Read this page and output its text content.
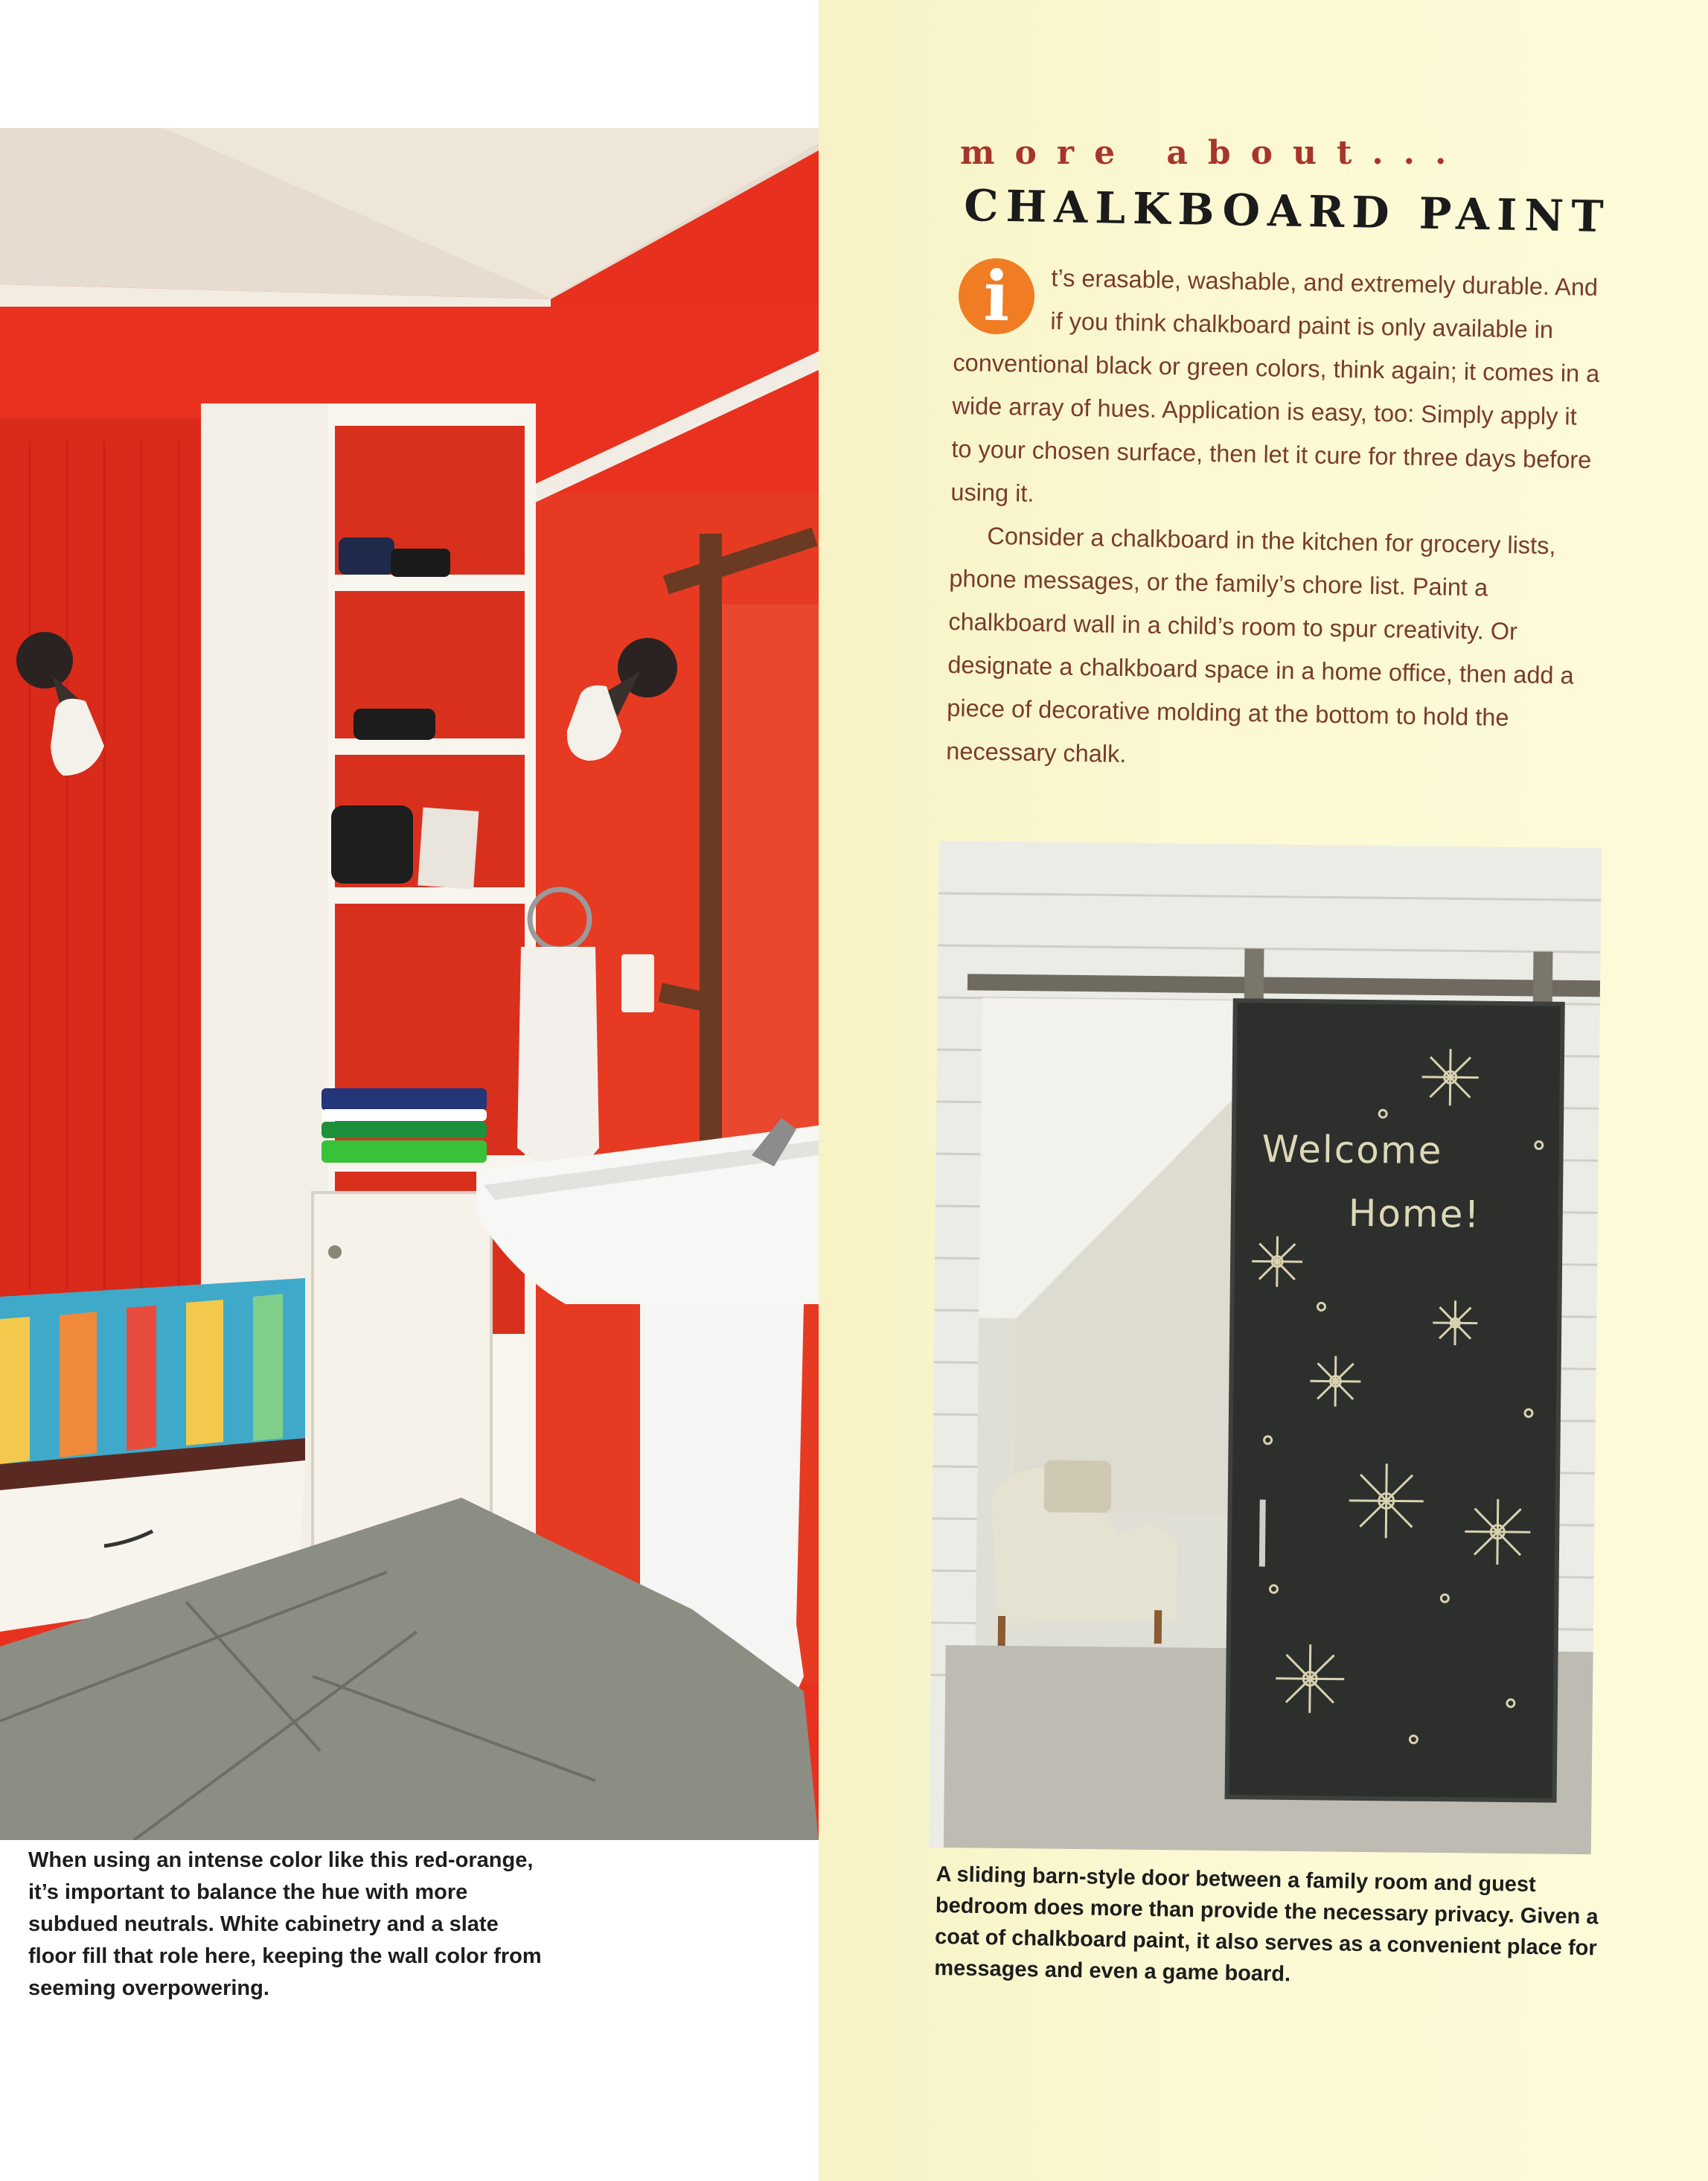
When using an intense color like this red-orange, it’s important to balance the hue with more subdued neutrals. White cabinetry and a slate floor fill that role here, keeping the wall color from seeming overpowering.

more about...
CHALKBOARD PAINT
i	t’s erasable, washable, and extremely durable. And if you think chalkboard paint is only available in conventional black or green colors, think again; it comes in a wide array of hues. Application is easy, too: Simply apply it to your chosen surface, then let it cure for three days before using it.

Consider a chalkboard in the kitchen for grocery lists, phone messages, or the family’s chore list. Paint a chalkboard wall in a child’s room to spur creativity. Or designate a chalkboard space in a home office, then add a piece of decorative molding at the bottom to hold the necessary chalk.

Welcome
Home!

A sliding barn-style door between a family room and guest bedroom does more than provide the necessary privacy. Given a coat of chalkboard paint, it also serves as a convenient place for messages and even a game board.
